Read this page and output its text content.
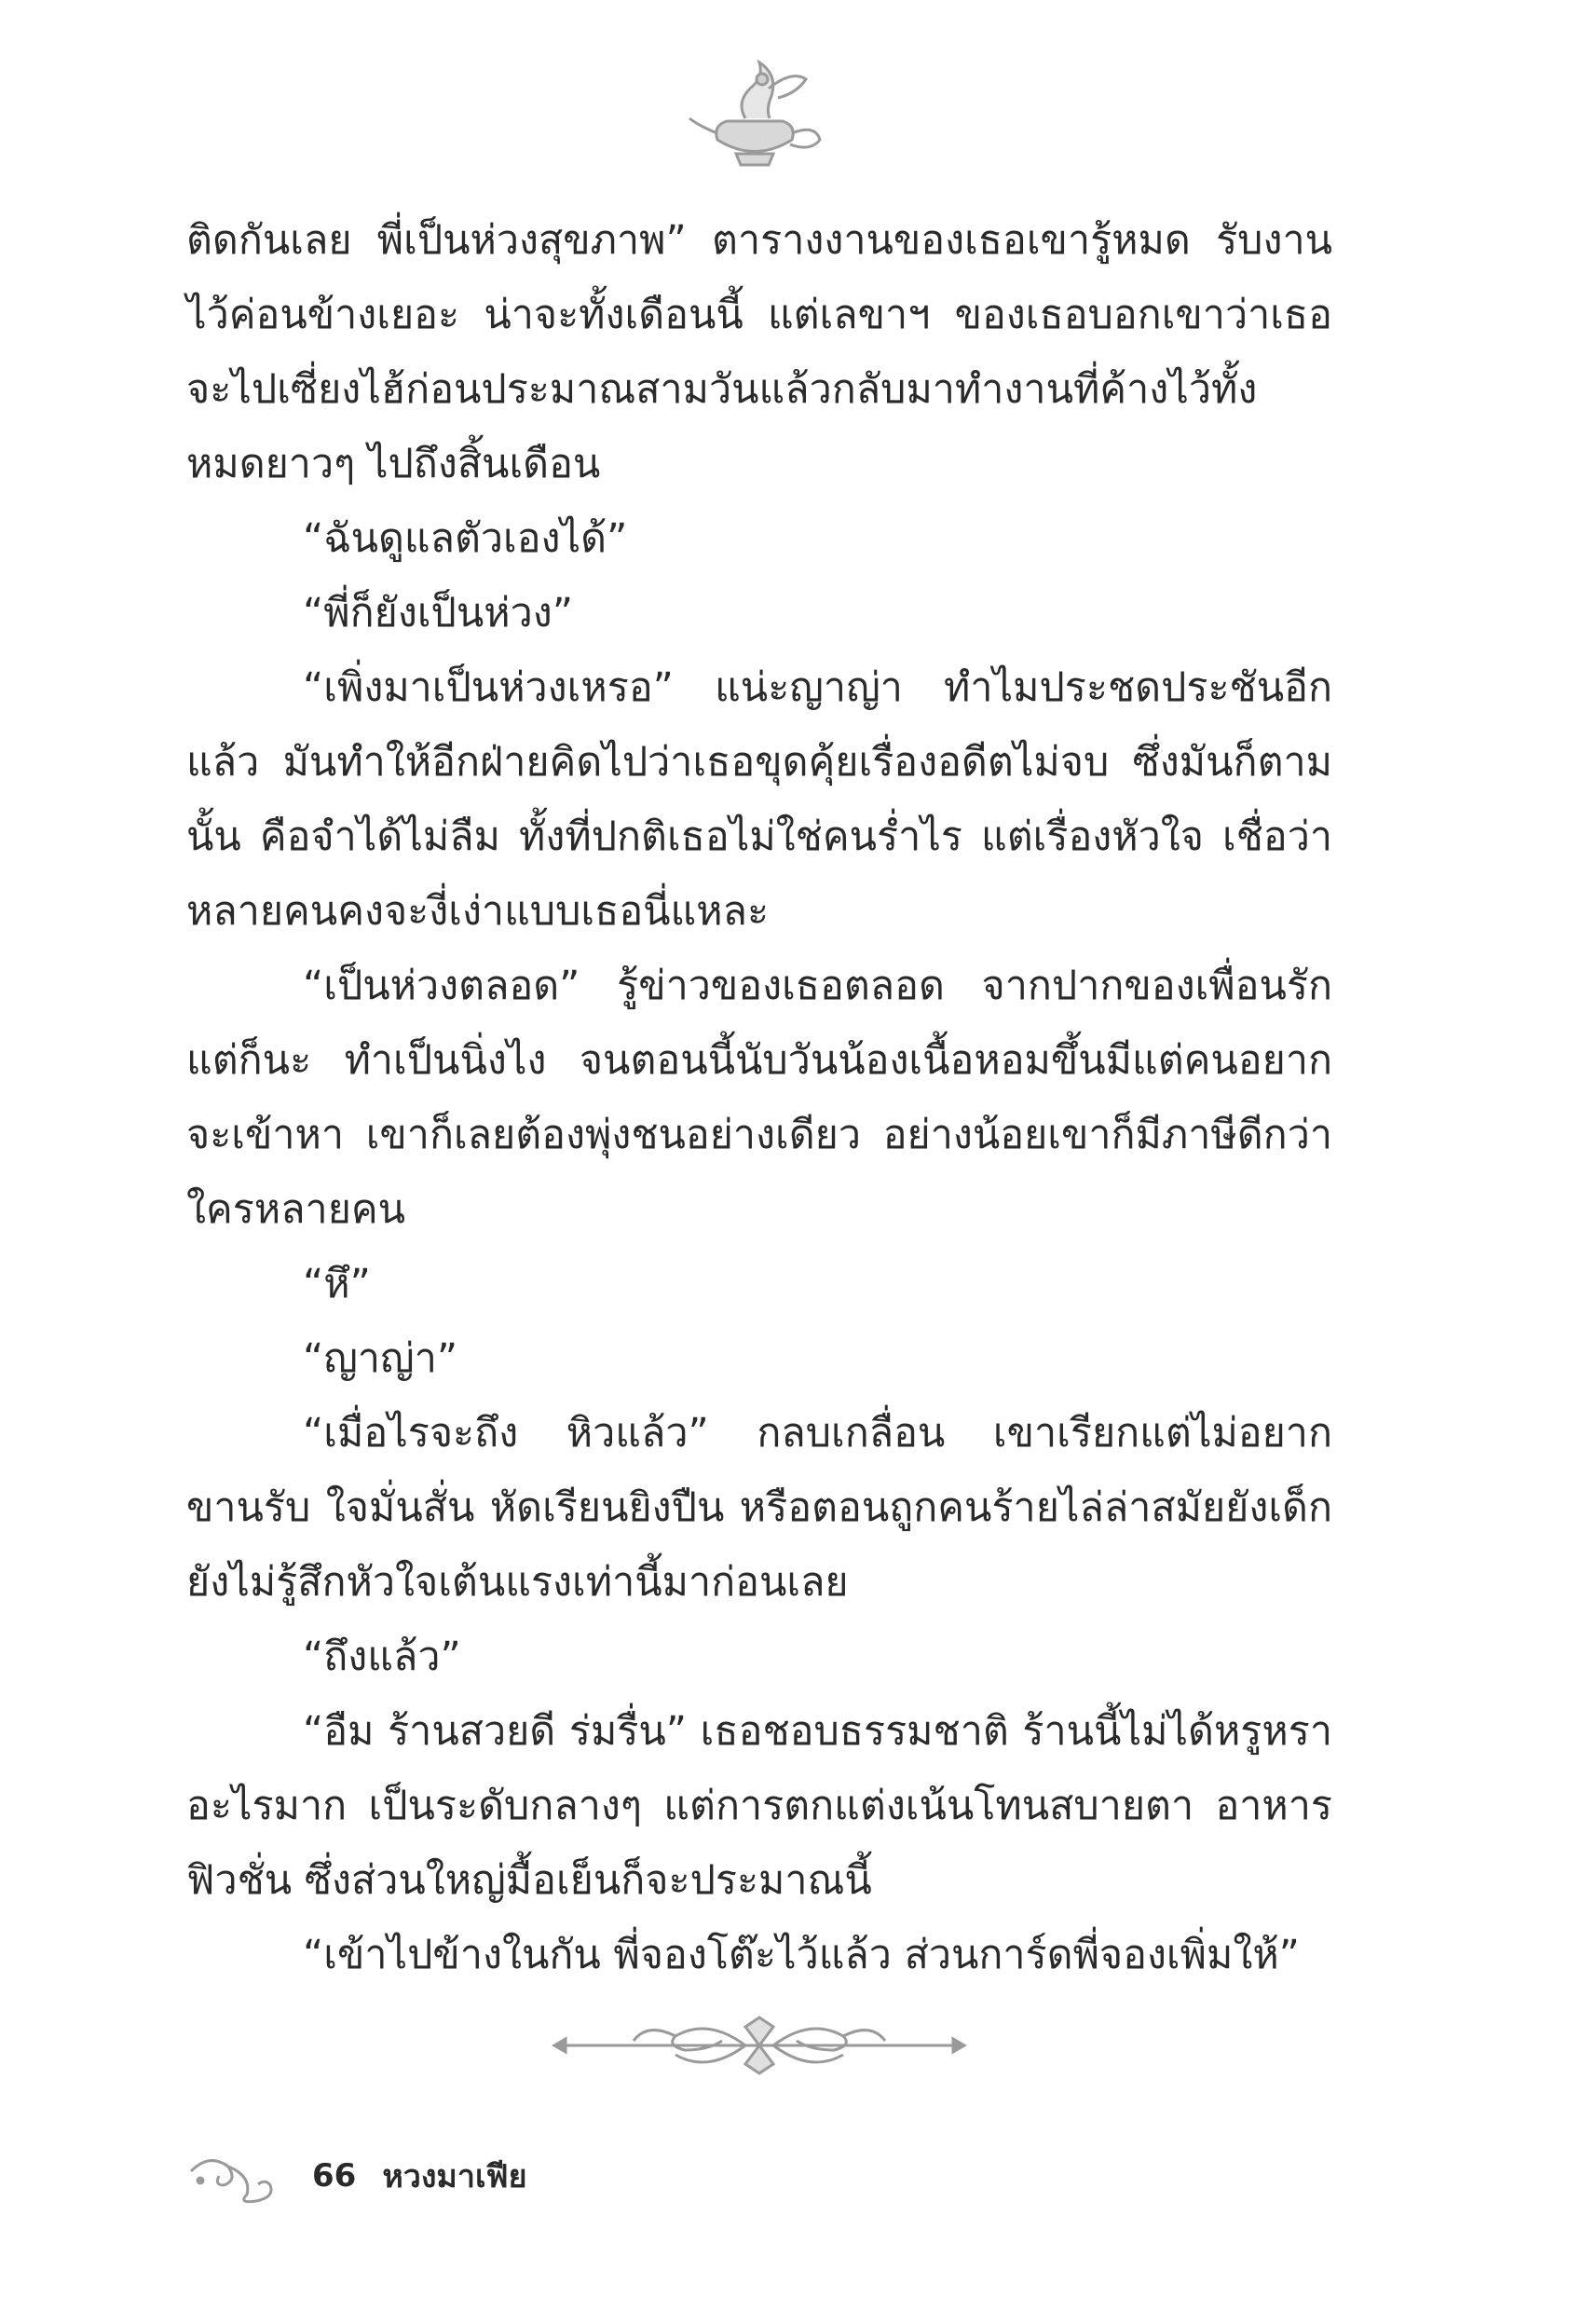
ติดกันเลย พี่เป็นห่วงสุขภาพ” ตารางงานของเธอเขารู้หมด รับงานไว้ค่อนข้างเยอะ น่าจะทั้งเดือนนี้ แต่เลขาฯ ของเธอบอกเขาว่าเธอจะไปเซี่ยงไฮ้ก่อนประมาณสามวันแล้วกลับมาทำงานที่ค้างไว้ทั้งหมดยาวๆ ไปถึงสิ้นเดือน

“ฉันดูแลตัวเองได้”

“พี่ก็ยังเป็นห่วง”

“เพิ่งมาเป็นห่วงเหรอ” แน่ะญาญ่า ทำไมประชดประชันอีกแล้ว มันทำให้อีกฝ่ายคิดไปว่าเธอขุดคุ้ยเรื่องอดีตไม่จบ ซึ่งมันก็ตามนั้น คือจำได้ไม่ลืม ทั้งที่ปกติเธอไม่ใช่คนร่ำไร แต่เรื่องหัวใจ เชื่อว่าหลายคนคงจะงี่เง่าแบบเธอนี่แหละ

“เป็นห่วงตลอด” รู้ข่าวของเธอตลอด จากปากของเพื่อนรัก แต่ก็นะ ทำเป็นนิ่งไง จนตอนนี้นับวันน้องเนื้อหอมขึ้นมีแต่คนอยากจะเข้าหา เขาก็เลยต้องพุ่งชนอย่างเดียว อย่างน้อยเขาก็มีภาษีดีกว่าใครหลายคน

“หึ”

“ญาญ่า”

“เมื่อไรจะถึง หิวแล้ว” กลบเกลื่อน เขาเรียกแต่ไม่อยากขานรับ ใจมั่นสั่น หัดเรียนยิงปืน หรือตอนถูกคนร้ายไล่ล่าสมัยยังเด็ก ยังไม่รู้สึกหัวใจเต้นแรงเท่านี้มาก่อนเลย

“ถึงแล้ว”

“อืม ร้านสวยดี ร่มรื่น” เธอชอบธรรมชาติ ร้านนี้ไม่ได้หรูหราอะไรมาก เป็นระดับกลางๆ แต่การตกแต่งเน้นโทนสบายตา อาหารฟิวชั่น ซึ่งส่วนใหญ่มื้อเย็นก็จะประมาณนี้

“เข้าไปข้างในกัน พี่จองโต๊ะไว้แล้ว ส่วนการ์ดพี่จองเพิ่มให้”

66 หวงมาเฟีย
